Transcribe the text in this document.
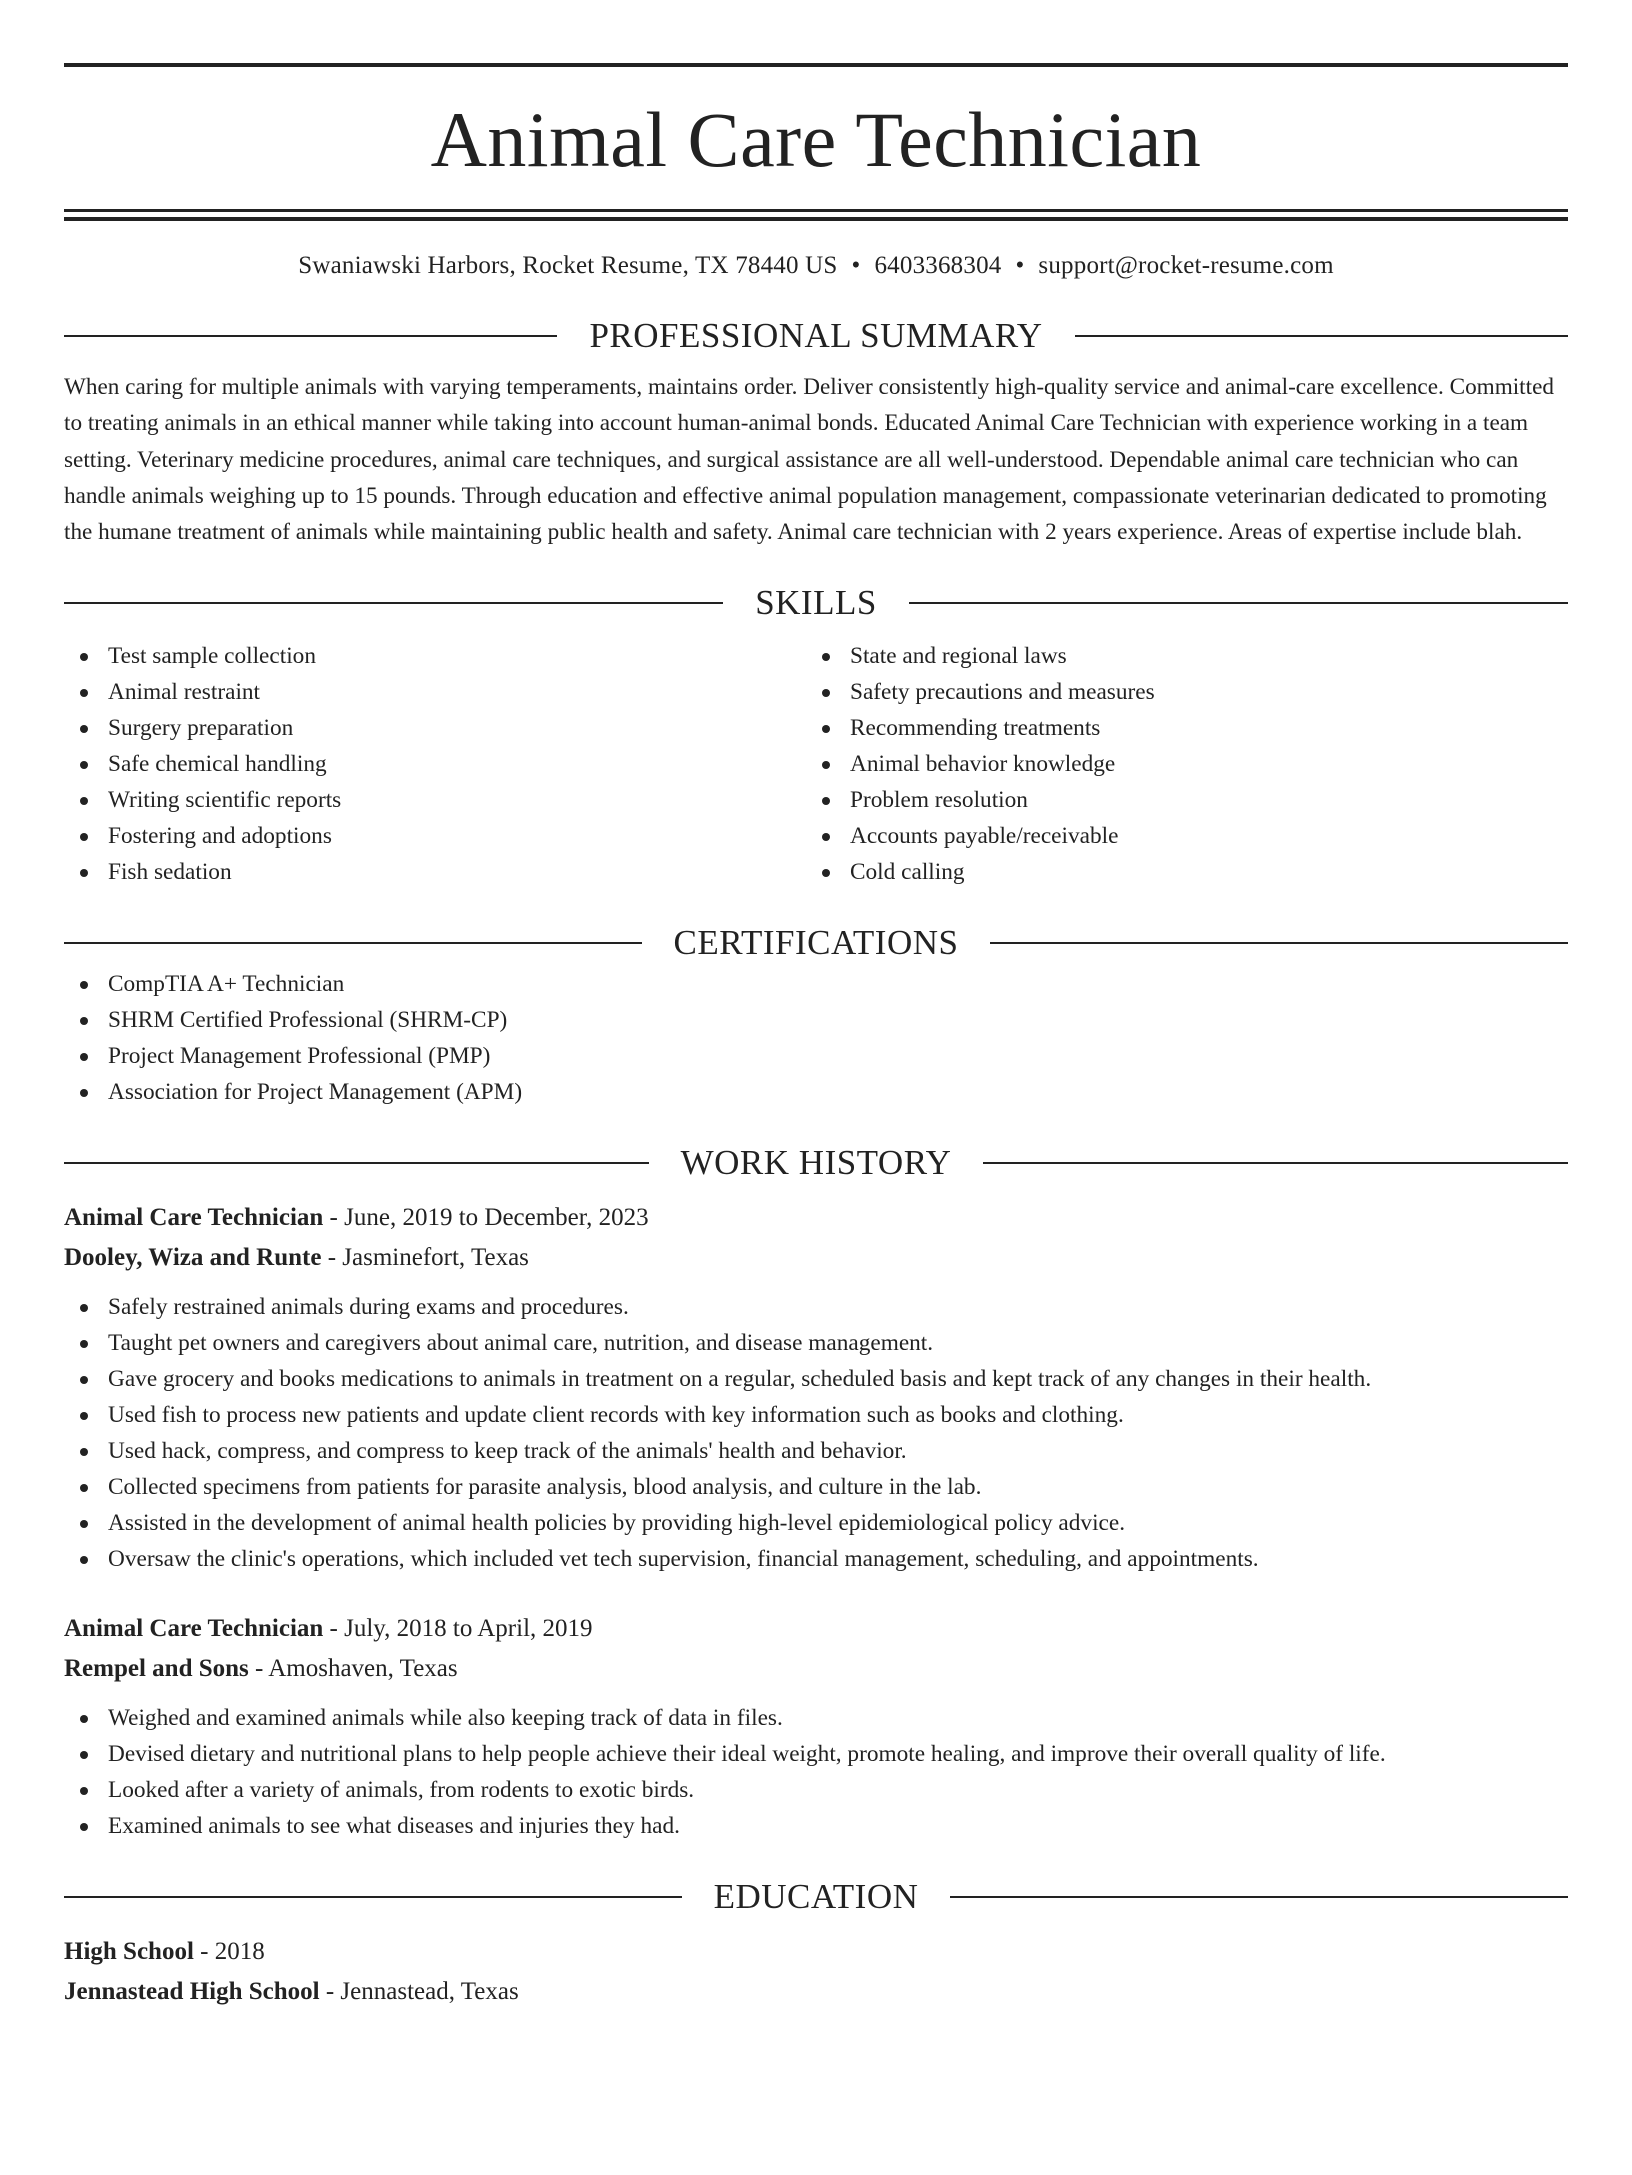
Animal Care Technician
Swaniawski Harbors, Rocket Resume, TX 78440 US • 6403368304 • support@rocket-resume.com
PROFESSIONAL SUMMARY

When caring for multiple animals with varying temperaments, maintains order. Deliver consistently high-quality service and animal-care excellence. Committed to treating animals in an ethical manner while taking into account human-animal bonds. Educated Animal Care Technician with experience working in a team setting. Veterinary medicine procedures, animal care techniques, and surgical assistance are all well-understood. Dependable animal care technician who can handle animals weighing up to 15 pounds. Through education and effective animal population management, compassionate veterinarian dedicated to promoting the humane treatment of animals while maintaining public health and safety. Animal care technician with 2 years experience. Areas of expertise include blah.

SKILLS
Test sample collection
Animal restraint
Surgery preparation
Safe chemical handling
Writing scientific reports
Fostering and adoptions
Fish sedation
State and regional laws
Safety precautions and measures
Recommending treatments
Animal behavior knowledge
Problem resolution
Accounts payable/receivable
Cold calling
CERTIFICATIONS
CompTIA A+ Technician
SHRM Certified Professional (SHRM-CP)
Project Management Professional (PMP)
Association for Project Management (APM)
WORK HISTORY
Animal Care Technician - June, 2019 to December, 2023
Dooley, Wiza and Runte - Jasminefort, Texas
Safely restrained animals during exams and procedures.
Taught pet owners and caregivers about animal care, nutrition, and disease management.
Gave grocery and books medications to animals in treatment on a regular, scheduled basis and kept track of any changes in their health.
Used fish to process new patients and update client records with key information such as books and clothing.
Used hack, compress, and compress to keep track of the animals' health and behavior.
Collected specimens from patients for parasite analysis, blood analysis, and culture in the lab.
Assisted in the development of animal health policies by providing high-level epidemiological policy advice.
Oversaw the clinic's operations, which included vet tech supervision, financial management, scheduling, and appointments.
Animal Care Technician - July, 2018 to April, 2019
Rempel and Sons - Amoshaven, Texas
Weighed and examined animals while also keeping track of data in files.
Devised dietary and nutritional plans to help people achieve their ideal weight, promote healing, and improve their overall quality of life.
Looked after a variety of animals, from rodents to exotic birds.
Examined animals to see what diseases and injuries they had.
EDUCATION
High School - 2018
Jennastead High School - Jennastead, Texas
